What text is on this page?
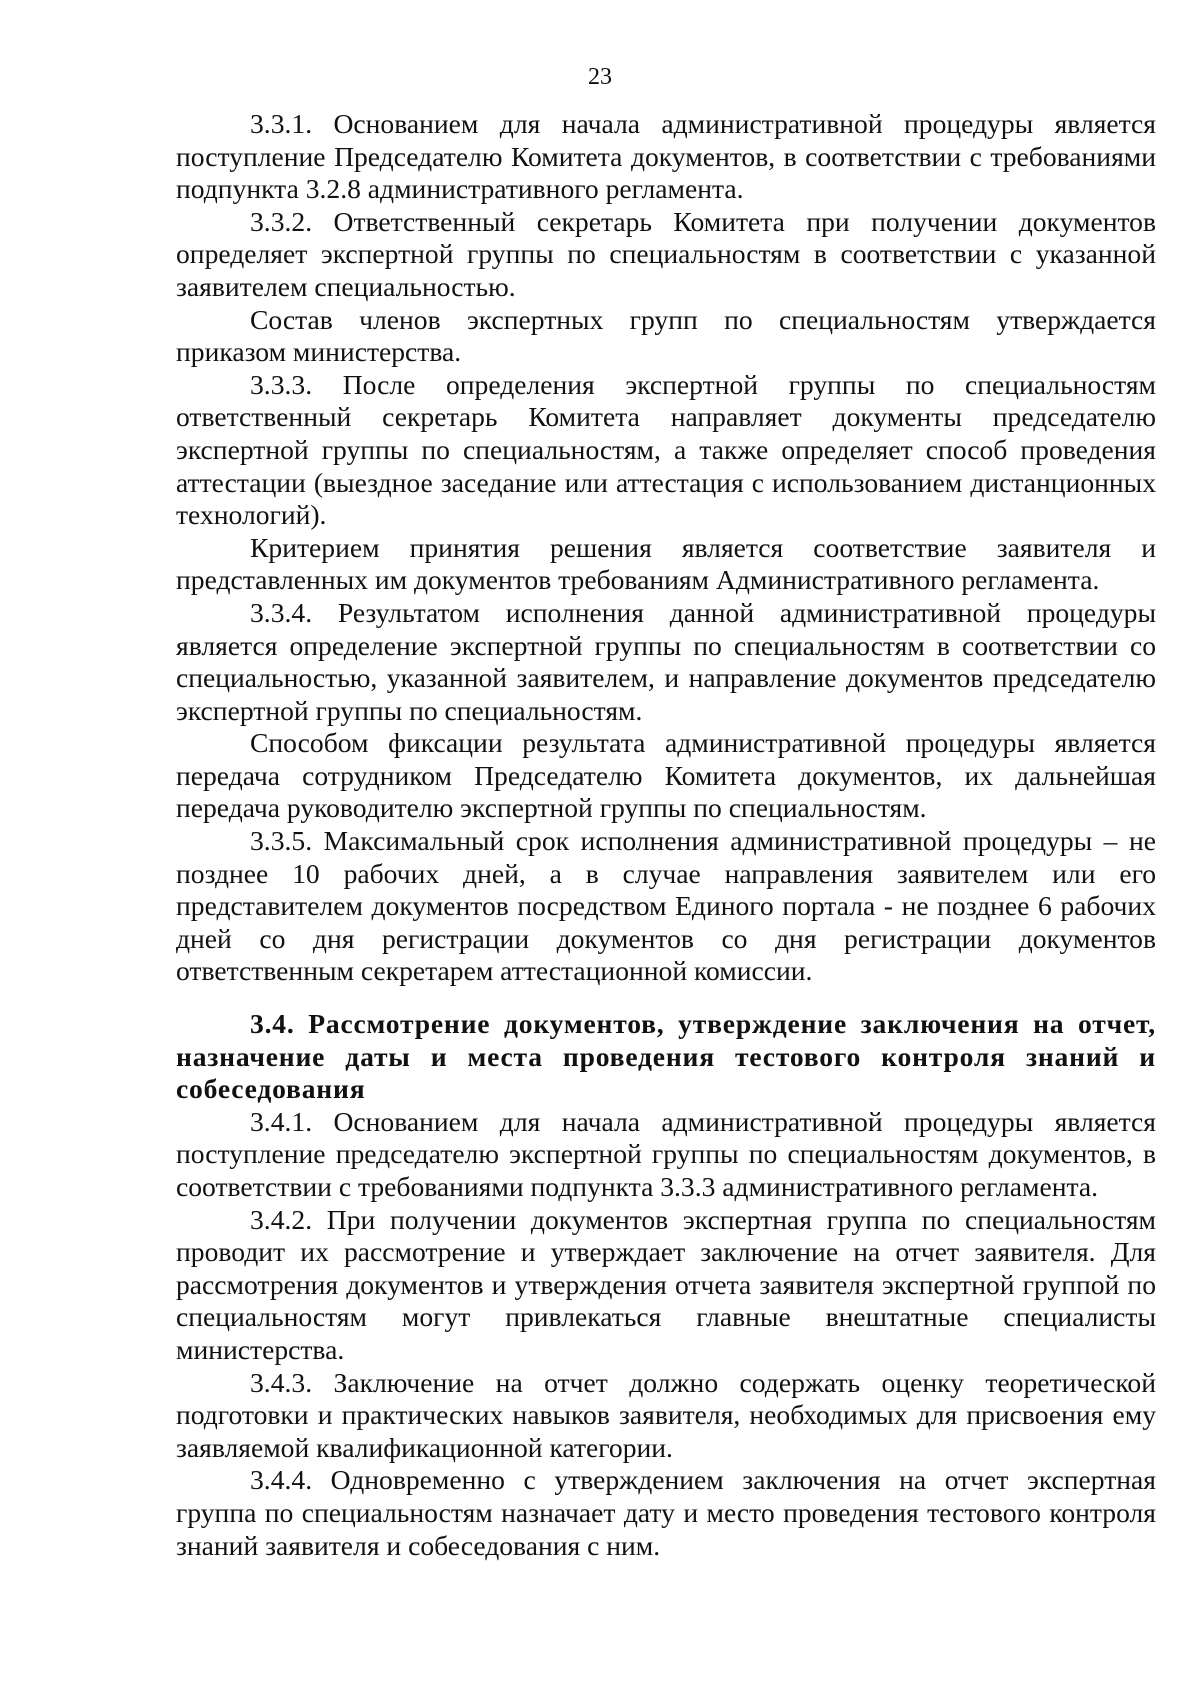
23

3.3.1. Основанием для начала административной процедуры является поступление Председателю Комитета документов, в соответствии с требованиями подпункта 3.2.8 административного регламента.

3.3.2. Ответственный секретарь Комитета при получении документов определяет экспертной группы по специальностям в соответствии с указанной заявителем специальностью.

Состав членов экспертных групп по специальностям утверждается приказом министерства.

3.3.3. После определения экспертной группы по специальностям ответственный секретарь Комитета направляет документы председателю экспертной группы по специальностям, а также определяет способ проведения аттестации (выездное заседание или аттестация с использованием дистанционных технологий).

Критерием принятия решения является соответствие заявителя и представленных им документов требованиям Административного регламента.

3.3.4. Результатом исполнения данной административной процедуры является определение экспертной группы по специальностям в соответствии со специальностью, указанной заявителем, и направление документов председателю экспертной группы по специальностям.

Способом фиксации результата административной процедуры является передача сотрудником Председателю Комитета документов, их дальнейшая передача руководителю экспертной группы по специальностям.

3.3.5. Максимальный срок исполнения административной процедуры – не позднее 10 рабочих дней, а в случае направления заявителем или его представителем документов посредством Единого портала - не позднее 6 рабочих дней со дня регистрации документов со дня регистрации документов ответственным секретарем аттестационной комиссии.

3.4. Рассмотрение документов, утверждение заключения на отчет, назначение даты и места проведения тестового контроля знаний и собеседования

3.4.1. Основанием для начала административной процедуры является поступление председателю экспертной группы по специальностям документов, в соответствии с требованиями подпункта 3.3.3 административного регламента.

3.4.2. При получении документов экспертная группа по специальностям проводит их рассмотрение и утверждает заключение на отчет заявителя. Для рассмотрения документов и утверждения отчета заявителя экспертной группой по специальностям могут привлекаться главные внештатные специалисты министерства.

3.4.3. Заключение на отчет должно содержать оценку теоретической подготовки и практических навыков заявителя, необходимых для присвоения ему заявляемой квалификационной категории.

3.4.4. Одновременно с утверждением заключения на отчет экспертная группа по специальностям назначает дату и место проведения тестового контроля знаний заявителя и собеседования с ним.
